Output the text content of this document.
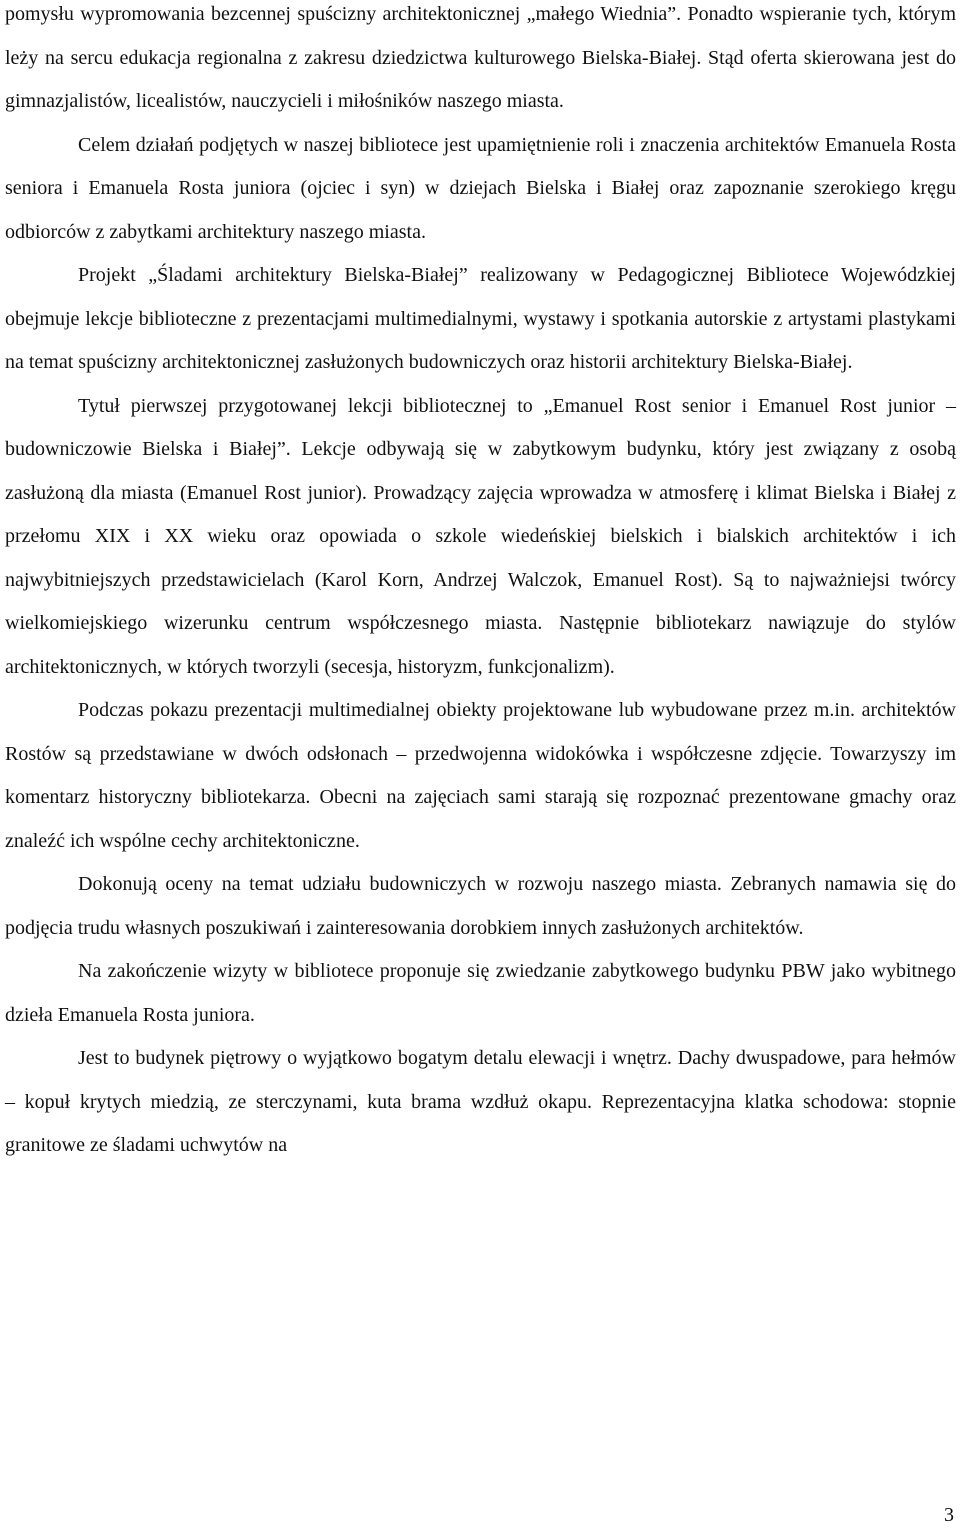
pomysłu wypromowania bezcennej spuścizny architektonicznej „małego Wiednia”. Ponadto wspieranie tych, którym leży na sercu edukacja regionalna z zakresu dziedzictwa kulturowego Bielska-Białej. Stąd oferta skierowana jest do gimnazjalistów, licealistów, nauczycieli i miłośników naszego miasta.

Celem działań podjętych w naszej bibliotece jest upamiętnienie roli i znaczenia architektów Emanuela Rosta seniora i Emanuela Rosta juniora (ojciec i syn) w dziejach Bielska i Białej oraz zapoznanie szerokiego kręgu odbiorców z zabytkami architektury naszego miasta.

Projekt „Śladami architektury Bielska-Białej” realizowany w Pedagogicznej Bibliotece Wojewódzkiej obejmuje lekcje biblioteczne z prezentacjami multimedialnymi, wystawy i spotkania autorskie z artystami plastykami na temat spuścizny architektonicznej zasłużonych budowniczych oraz historii architektury Bielska-Białej.

Tytuł pierwszej przygotowanej lekcji bibliotecznej to „Emanuel Rost senior i Emanuel Rost junior – budowniczowie Bielska i Białej”. Lekcje odbywają się w zabytkowym budynku, który jest związany z osobą zasłużoną dla miasta (Emanuel Rost junior). Prowadzący zajęcia wprowadza w atmosferę i klimat Bielska i Białej z przełomu XIX i XX wieku oraz opowiada o szkole wiedeńskiej bielskich i bialskich architektów i ich najwybitniejszych przedstawicielach (Karol Korn, Andrzej Walczok, Emanuel Rost). Są to najważniejsi twórcy wielkomiejskiego wizerunku centrum współczesnego miasta. Następnie bibliotekarz nawiązuje do stylów architektonicznych, w których tworzyli (secesja, historyzm, funkcjonalizm).

Podczas pokazu prezentacji multimedialnej obiekty projektowane lub wybudowane przez m.in. architektów Rostów są przedstawiane w dwóch odsłonach – przedwojenna widokówka i współczesne zdjęcie. Towarzyszy im komentarz historyczny bibliotekarza. Obecni na zajęciach sami starają się rozpoznać prezentowane gmachy oraz znaleźć ich wspólne cechy architektoniczne.

Dokonują oceny na temat udziału budowniczych w rozwoju naszego miasta. Zebranych namawia się do podjęcia trudu własnych poszukiwań i zainteresowania dorobkiem innych zasłużonych architektów.

Na zakończenie wizyty w bibliotece proponuje się zwiedzanie zabytkowego budynku PBW jako wybitnego dzieła Emanuela Rosta juniora.

Jest to budynek piętrowy o wyjątkowo bogatym detalu elewacji i wnętrz. Dachy dwuspadowe, para hełmów – kopuł krytych miedzią, ze sterczynami, kuta brama wzdłuż okapu. Reprezentacyjna klatka schodowa: stopnie granitowe ze śladami uchwytów na

3
